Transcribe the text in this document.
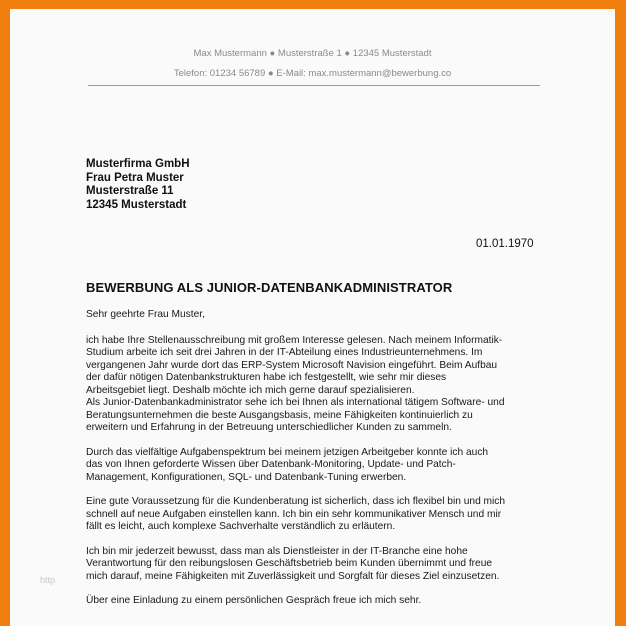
Max Mustermann ● Musterstraße 1 ● 12345 Musterstadt
Telefon: 01234 56789 ● E-Mail: max.mustermann@bewerbung.co
Musterfirma GmbH
Frau Petra Muster
Musterstraße 11
12345 Musterstadt
01.01.1970
BEWERBUNG ALS JUNIOR-DATENBANKADMINISTRATOR

Sehr geehrte Frau Muster,

ich habe Ihre Stellenausschreibung mit großem Interesse gelesen. Nach meinem Informatik-

Studium arbeite ich seit drei Jahren in der IT-Abteilung eines Industrieunternehmens. Im

vergangenen Jahr wurde dort das ERP-System Microsoft Navision eingeführt. Beim Aufbau

der dafür nötigen Datenbankstrukturen habe ich festgestellt, wie sehr mir dieses

Arbeitsgebiet liegt. Deshalb möchte ich mich gerne darauf spezialisieren.

Als Junior-Datenbankadministrator sehe ich bei Ihnen als international tätigem Software- und

Beratungsunternehmen die beste Ausgangsbasis, meine Fähigkeiten kontinuierlich zu

erweitern und Erfahrung in der Betreuung unterschiedlicher Kunden zu sammeln.

Durch das vielfältige Aufgabenspektrum bei meinem jetzigen Arbeitgeber konnte ich auch

das von Ihnen geforderte Wissen über Datenbank-Monitoring, Update- und Patch-

Management, Konfigurationen, SQL- und Datenbank-Tuning erwerben.

Eine gute Voraussetzung für die Kundenberatung ist sicherlich, dass ich flexibel bin und mich

schnell auf neue Aufgaben einstellen kann. Ich bin ein sehr kommunikativer Mensch und mir

fällt es leicht, auch komplexe Sachverhalte verständlich zu erläutern.

Ich bin mir jederzeit bewusst, dass man als Dienstleister in der IT-Branche eine hohe

Verantwortung für den reibungslosen Geschäftsbetrieb beim Kunden übernimmt und freue

mich darauf, meine Fähigkeiten mit Zuverlässigkeit und Sorgfalt für dieses Ziel einzusetzen.

Über eine Einladung zu einem persönlichen Gespräch freue ich mich sehr.

http
